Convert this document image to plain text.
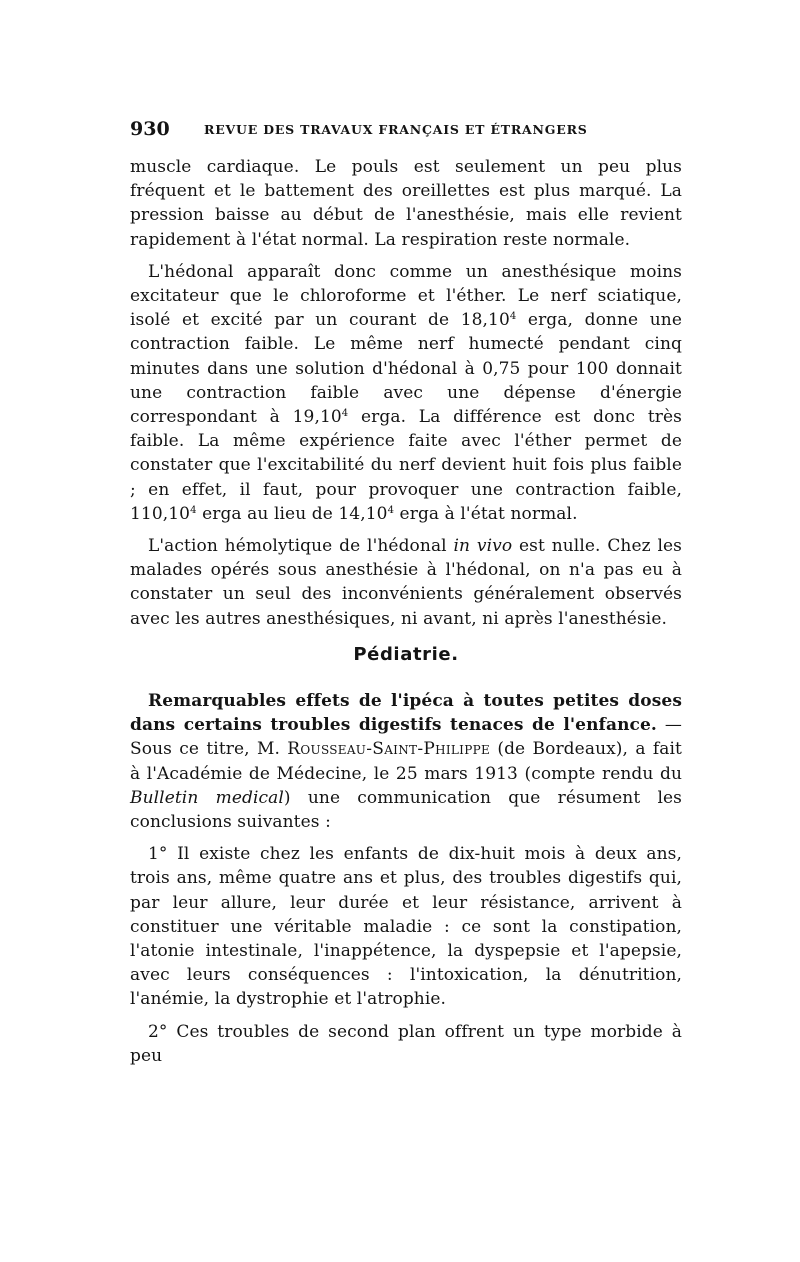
930	REVUE DES TRAVAUX FRANÇAIS ET ÉTRANGERS

muscle cardiaque. Le pouls est seulement un peu plus fréquent et le battement des oreillettes est plus marqué. La pression baisse au début de l'anesthésie, mais elle revient rapidement à l'état normal. La respiration reste normale.

L'hédonal apparaît donc comme un anesthésique moins excitateur que le chloroforme et l'éther. Le nerf sciatique, isolé et excité par un courant de 18,10$^4$ erga, donne une contraction faible. Le même nerf humecté pendant cinq minutes dans une solution d'hédonal à 0,75 pour 100 donnait une contraction faible avec une dépense d'énergie correspondant à 19,10$^4$ erga. La différence est donc très faible. La même expérience faite avec l'éther permet de constater que l'excitabilité du nerf devient huit fois plus faible ; en effet, il faut, pour provoquer une contraction faible, 110,10$^4$ erga au lieu de 14,10$^4$ erga à l'état normal.

L'action hémolytique de l'hédonal in vivo est nulle. Chez les malades opérés sous anesthésie à l'hédonal, on n'a pas eu à constater un seul des inconvénients généralement observés avec les autres anesthésiques, ni avant, ni après l'anesthésie.

Pédiatrie.

Remarquables effets de l'ipéca à toutes petites doses dans certains troubles digestifs tenaces de l'enfance. — Sous ce titre, M. Rousseau-Saint-Philippe (de Bordeaux), a fait à l'Académie de Médecine, le 25 mars 1913 (compte rendu du Bulletin medical) une communication que résument les conclusions suivantes :

1° Il existe chez les enfants de dix-huit mois à deux ans, trois ans, même quatre ans et plus, des troubles digestifs qui, par leur allure, leur durée et leur résistance, arrivent à constituer une véritable maladie : ce sont la constipation, l'atonie intestinale, l'inappétence, la dyspepsie et l'apepsie, avec leurs conséquences : l'intoxication, la dénutrition, l'anémie, la dystrophie et l'atrophie.

2° Ces troubles de second plan offrent un type morbide à peu
